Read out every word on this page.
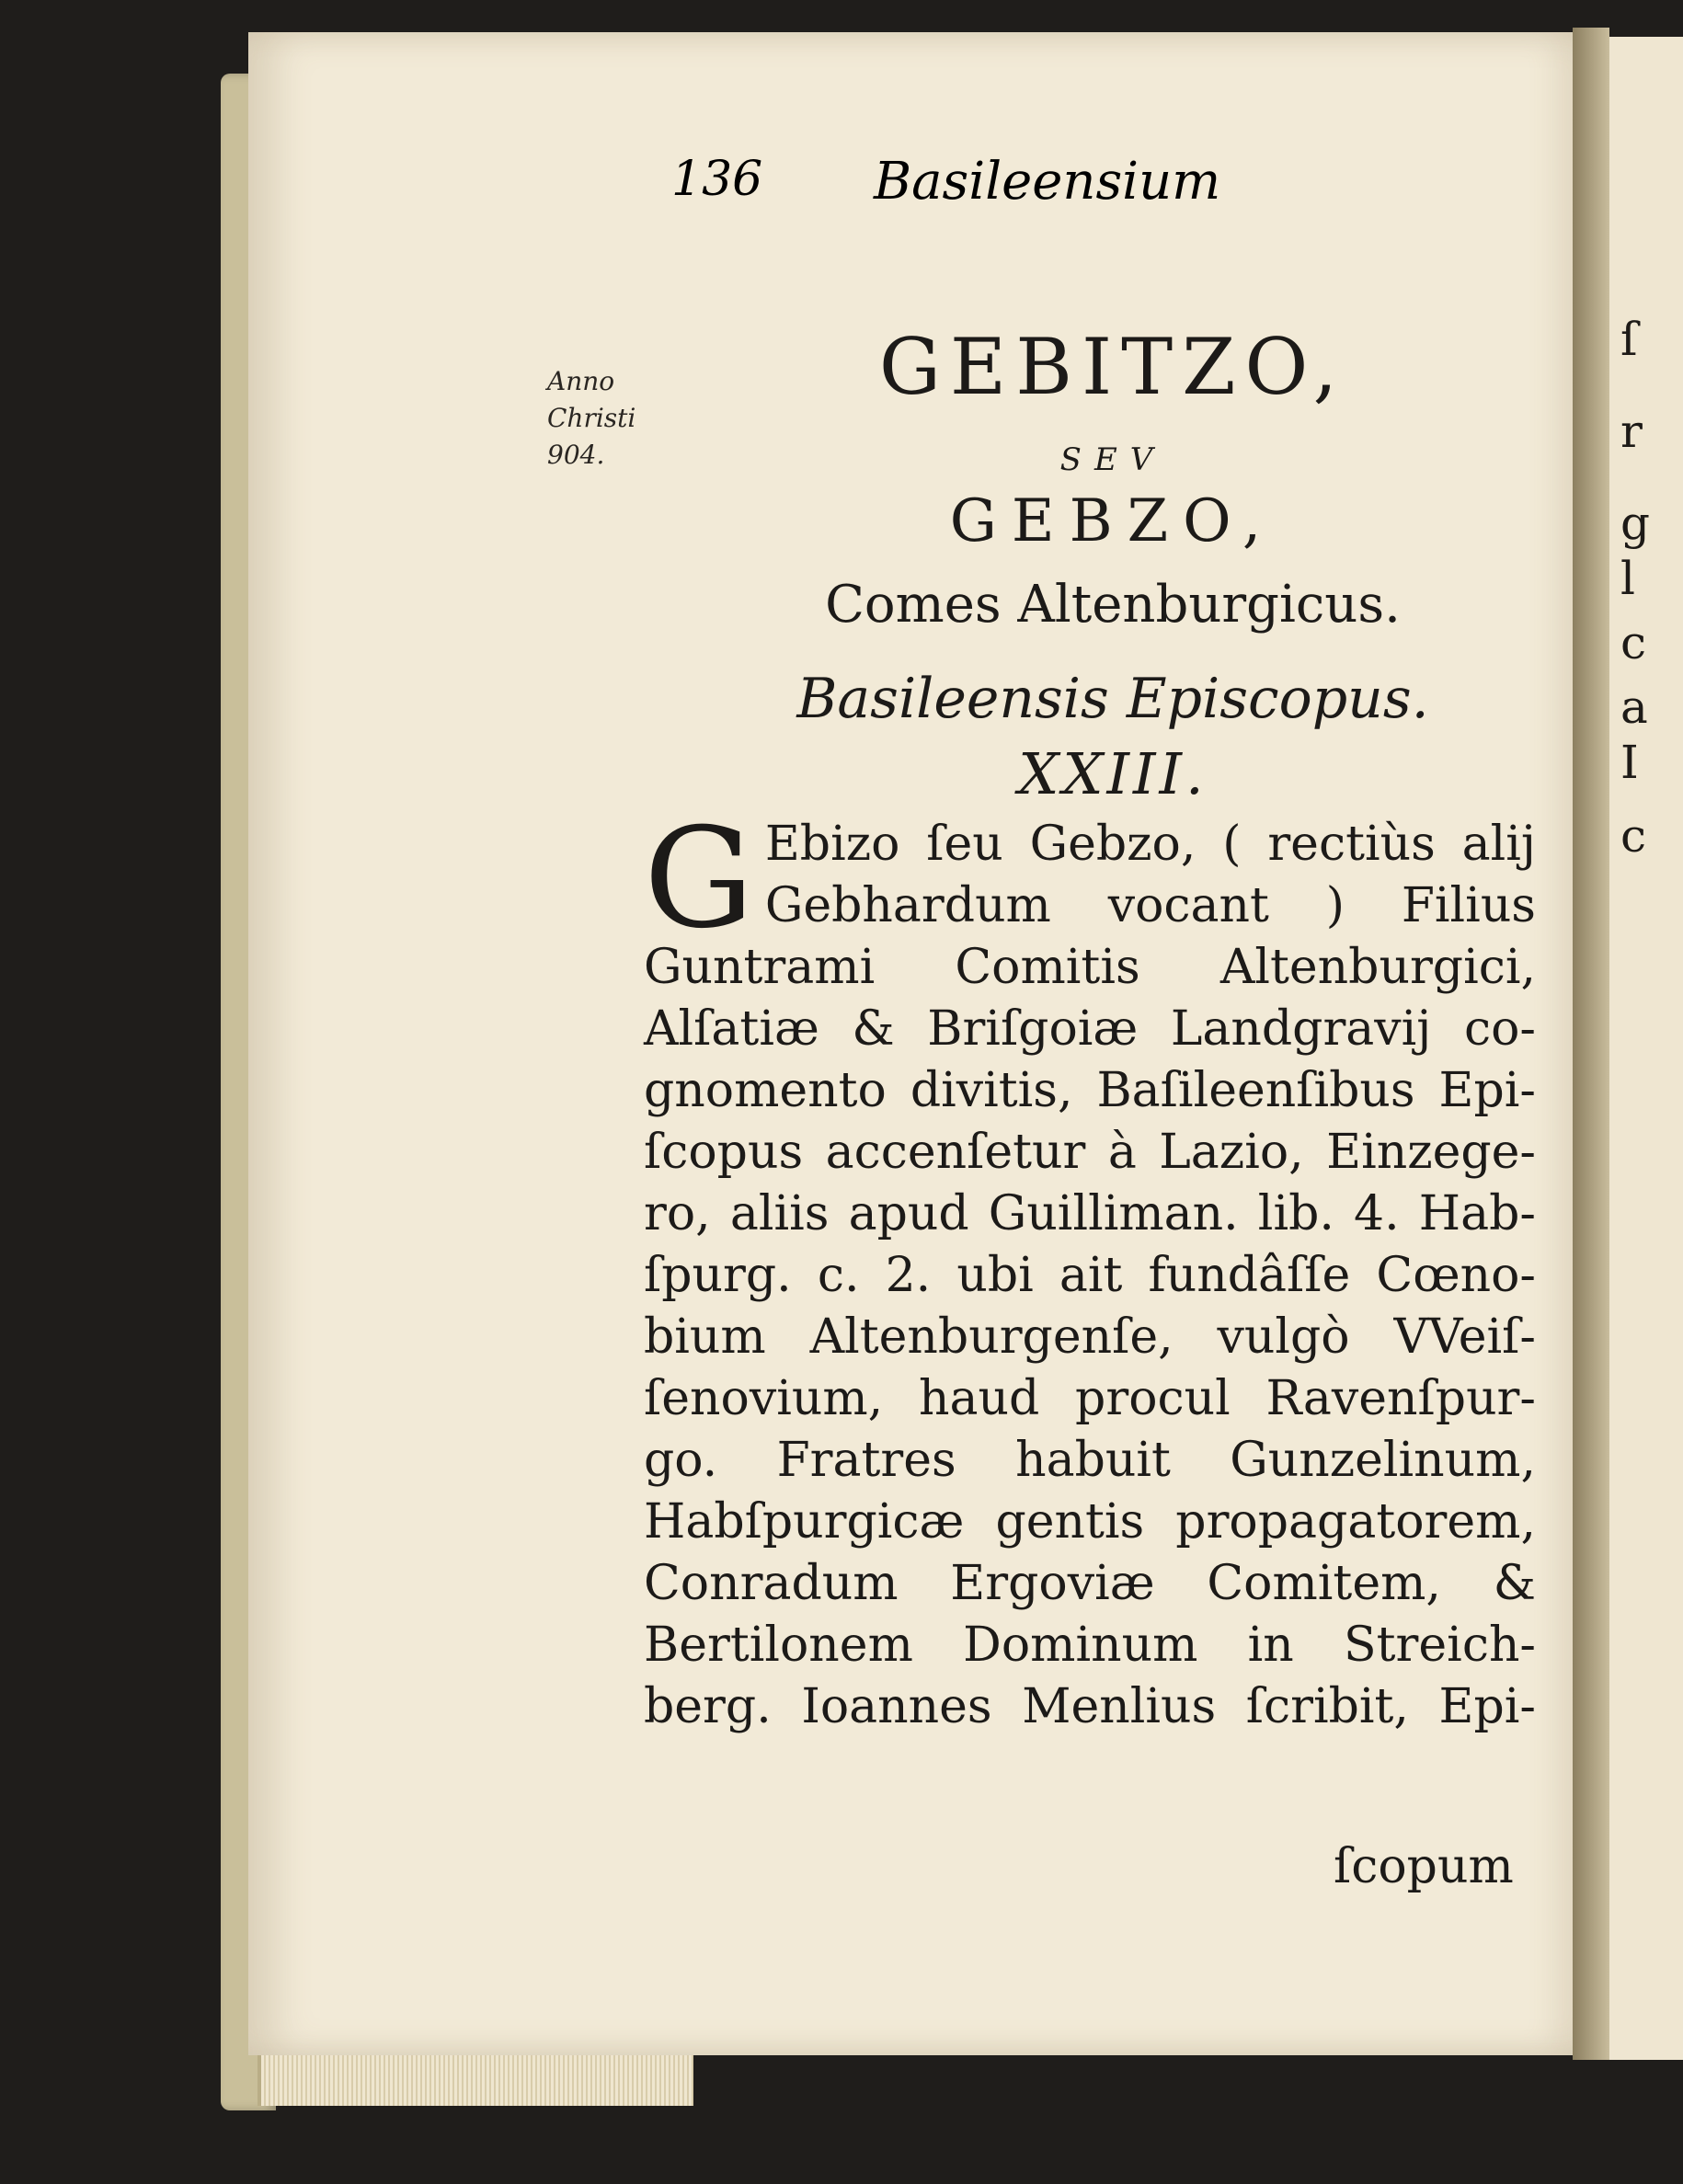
ſ
r
g
l
c
a
I
c
136 Basileensium
Anno
Christi
904.
GEBITZO,
SEV
GEBZO,
Comes Altenburgicus.
Basileensis Episcopus.
XXIII.
G Ebizo ſeu Gebzo, ( rectiùs alij
Gebhardum vocant ) Filius
Guntrami Comitis Altenburgici,
Alſatiæ & Briſgoiæ Landgravij co-
gnomento divitis, Baſileenſibus Epi-
ſcopus accenſetur à Lazio, Einzege-
ro, aliis apud Guilliman. lib. 4. Hab-
ſpurg. c. 2. ubi ait fundâſſe Cœno-
bium Altenburgenſe, vulgò VVeiſ-
ſenovium, haud procul Ravenſpur-
go. Fratres habuit Gunzelinum,
Habſpurgicæ gentis propagatorem,
Conradum Ergoviæ Comitem, &
Bertilonem Dominum in Streich-
berg. Ioannes Menlius ſcribit, Epi-
ſcopum
